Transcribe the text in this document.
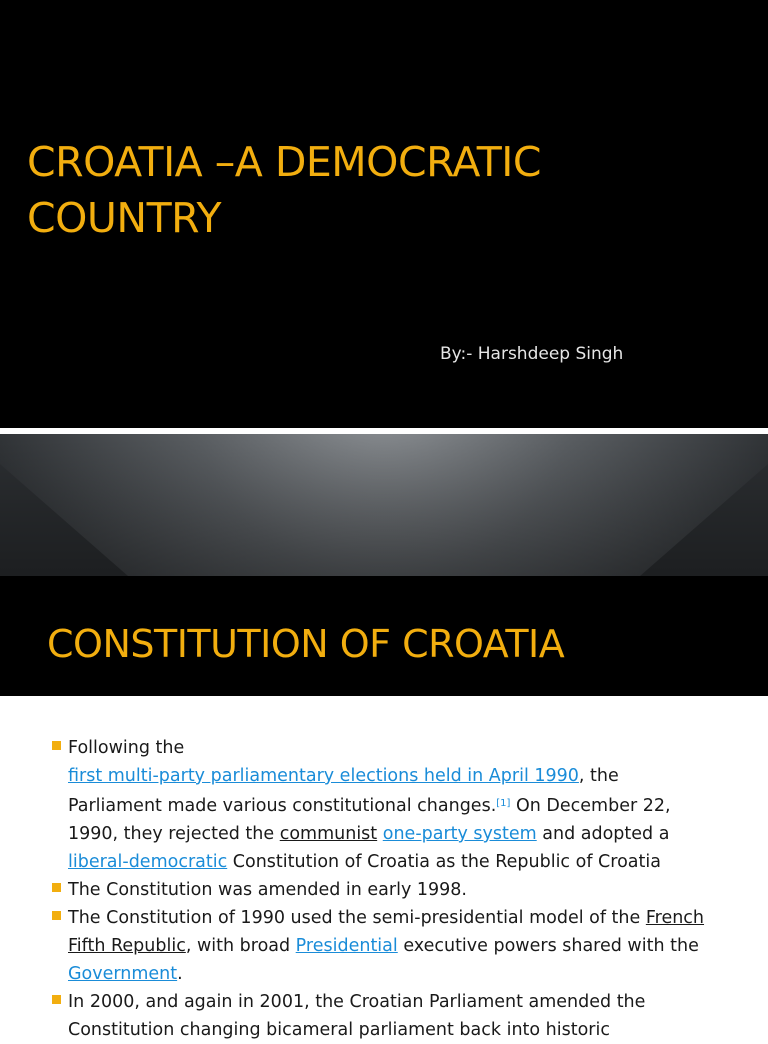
CROATIA –A DEMOCRATIC
COUNTRY

By:- Harshdeep Singh

CONSTITUTION OF CROATIA
Following the
first multi-party parliamentary elections held in April 1990, the Parliament made various constitutional changes.[1] On December 22, 1990, they rejected the communist one-party system and adopted a liberal-democratic Constitution of Croatia as the Republic of Croatia
The Constitution was amended in early 1998.
The Constitution of 1990 used the semi-presidential model of the French Fifth Republic, with broad Presidential executive powers shared with the Government.
In 2000, and again in 2001, the Croatian Parliament amended the Constitution changing bicameral parliament back into historic
